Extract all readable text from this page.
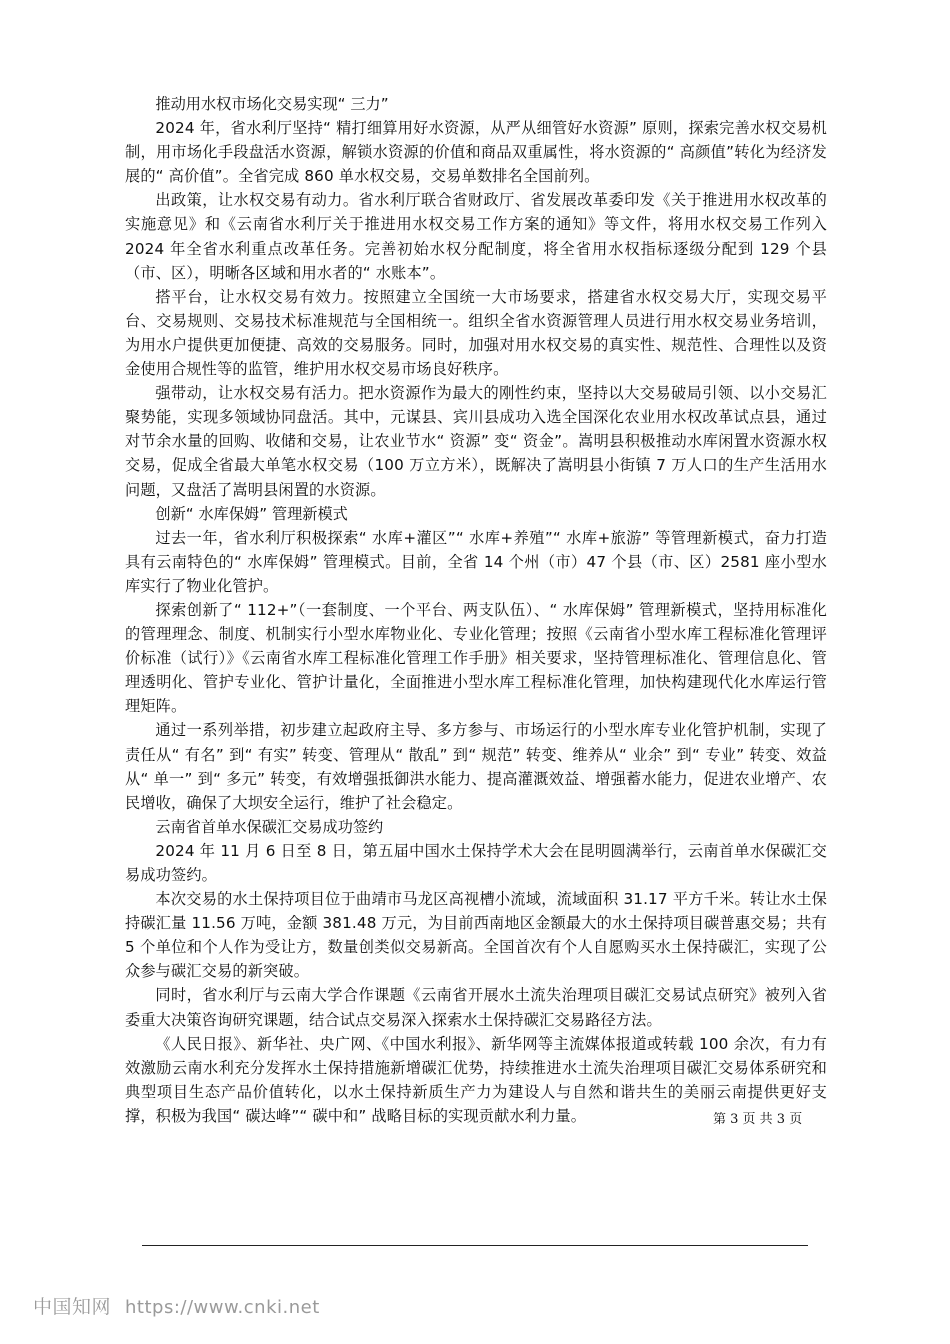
推动用水权市场化交易实现“ 三力”

2024 年，省水利厅坚持“ 精打细算用好水资源，从严从细管好水资源” 原则，探索完善水权交易机制，用市场化手段盘活水资源，解锁水资源的价值和商品双重属性，将水资源的“ 高颜值”转化为经济发展的“ 高价值”。全省完成 860 单水权交易，交易单数排名全国前列。

出政策，让水权交易有动力。省水利厅联合省财政厅、省发展改革委印发《关于推进用水权改革的实施意见》和《云南省水利厅关于推进用水权交易工作方案的通知》等文件，将用水权交易工作列入 2024 年全省水利重点改革任务。完善初始水权分配制度，将全省用水权指标逐级分配到 129 个县（市、区），明晰各区域和用水者的“ 水账本”。

搭平台，让水权交易有效力。按照建立全国统一大市场要求，搭建省水权交易大厅，实现交易平台、交易规则、交易技术标准规范与全国相统一。组织全省水资源管理人员进行用水权交易业务培训，为用水户提供更加便捷、高效的交易服务。同时，加强对用水权交易的真实性、规范性、合理性以及资金使用合规性等的监管，维护用水权交易市场良好秩序。

强带动，让水权交易有活力。把水资源作为最大的刚性约束，坚持以大交易破局引领、以小交易汇聚势能，实现多领域协同盘活。其中，元谋县、宾川县成功入选全国深化农业用水权改革试点县，通过对节余水量的回购、收储和交易，让农业节水“ 资源” 变“ 资金”。嵩明县积极推动水库闲置水资源水权交易，促成全省最大单笔水权交易（100 万立方米），既解决了嵩明县小街镇 7 万人口的生产生活用水问题，又盘活了嵩明县闲置的水资源。

创新“ 水库保姆” 管理新模式

过去一年，省水利厅积极探索“ 水库+灌区”“ 水库+养殖”“ 水库+旅游” 等管理新模式，奋力打造具有云南特色的“ 水库保姆” 管理模式。目前，全省 14 个州（市）47 个县（市、区）2581 座小型水库实行了物业化管护。

探索创新了“ 112+”（一套制度、一个平台、两支队伍）、“ 水库保姆” 管理新模式，坚持用标准化的管理理念、制度、机制实行小型水库物业化、专业化管理；按照《云南省小型水库工程标准化管理评价标准（试行）》《云南省水库工程标准化管理工作手册》相关要求，坚持管理标准化、管理信息化、管理透明化、管护专业化、管护计量化，全面推进小型水库工程标准化管理，加快构建现代化水库运行管理矩阵。

通过一系列举措，初步建立起政府主导、多方参与、市场运行的小型水库专业化管护机制，实现了责任从“ 有名” 到“ 有实” 转变、管理从“ 散乱” 到“ 规范” 转变、维养从“ 业余” 到“ 专业” 转变、效益从“ 单一” 到“ 多元” 转变，有效增强抵御洪水能力、提高灌溉效益、增强蓄水能力，促进农业增产、农民增收，确保了大坝安全运行，维护了社会稳定。

云南省首单水保碳汇交易成功签约

2024 年 11 月 6 日至 8 日，第五届中国水土保持学术大会在昆明圆满举行，云南首单水保碳汇交易成功签约。

本次交易的水土保持项目位于曲靖市马龙区高视槽小流域，流域面积 31.17 平方千米。转让水土保持碳汇量 11.56 万吨，金额 381.48 万元，为目前西南地区金额最大的水土保持项目碳普惠交易；共有 5 个单位和个人作为受让方，数量创类似交易新高。全国首次有个人自愿购买水土保持碳汇，实现了公众参与碳汇交易的新突破。

同时，省水利厅与云南大学合作课题《云南省开展水土流失治理项目碳汇交易试点研究》被列入省委重大决策咨询研究课题，结合试点交易深入探索水土保持碳汇交易路径方法。

《人民日报》、新华社、央广网、《中国水利报》、新华网等主流媒体报道或转载 100 余次，有力有效激励云南水利充分发挥水土保持措施新增碳汇优势，持续推进水土流失治理项目碳汇交易体系研究和典型项目生态产品价值转化，以水土保持新质生产力为建设人与自然和谐共生的美丽云南提供更好支撑，积极为我国“ 碳达峰”“ 碳中和” 战略目标的实现贡献水利力量。	第 3 页 共 3 页
中国知网 https://www.cnki.net
